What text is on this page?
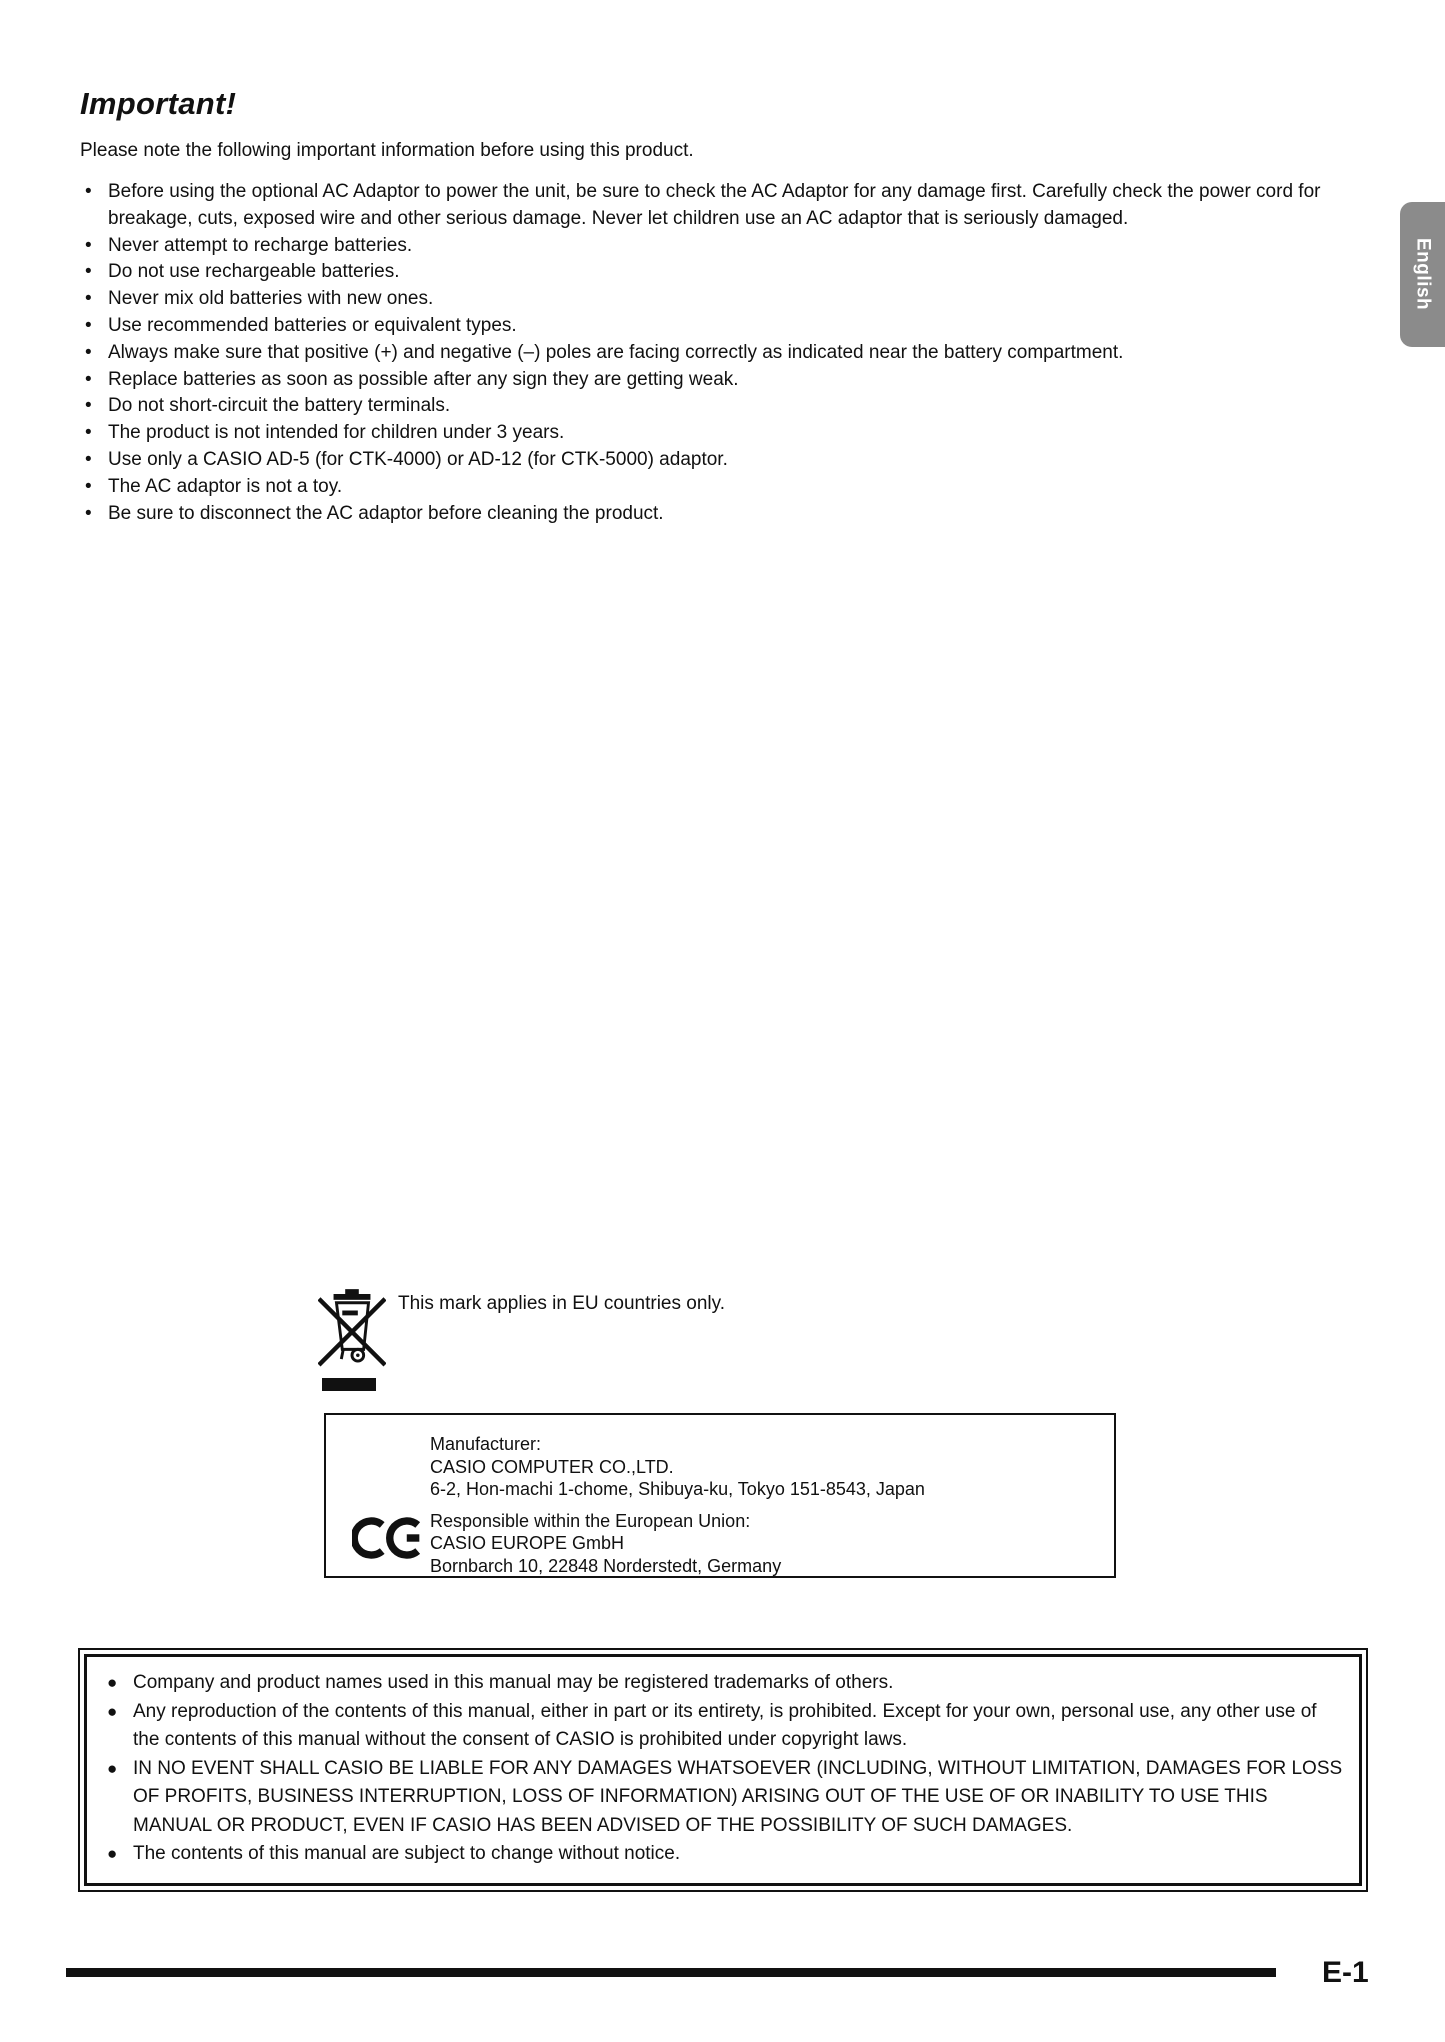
Important!
Please note the following important information before using this product.
• Before using the optional AC Adaptor to power the unit, be sure to check the AC Adaptor for any damage first. Carefully check the power cord for breakage, cuts, exposed wire and other serious damage. Never let children use an AC adaptor that is seriously damaged.
• Never attempt to recharge batteries.
• Do not use rechargeable batteries.
• Never mix old batteries with new ones.
• Use recommended batteries or equivalent types.
• Always make sure that positive (+) and negative (–) poles are facing correctly as indicated near the battery compartment.
• Replace batteries as soon as possible after any sign they are getting weak.
• Do not short-circuit the battery terminals.
• The product is not intended for children under 3 years.
• Use only a CASIO AD-5 (for CTK-4000) or AD-12 (for CTK-5000) adaptor.
• The AC adaptor is not a toy.
• Be sure to disconnect the AC adaptor before cleaning the product.
English
This mark applies in EU countries only.
Manufacturer:
CASIO COMPUTER CO.,LTD.
6-2, Hon-machi 1-chome, Shibuya-ku, Tokyo 151-8543, Japan
Responsible within the European Union:
CASIO EUROPE GmbH
Bornbarch 10, 22848 Norderstedt, Germany
● Company and product names used in this manual may be registered trademarks of others.
● Any reproduction of the contents of this manual, either in part or its entirety, is prohibited. Except for your own, personal use, any other use of the contents of this manual without the consent of CASIO is prohibited under copyright laws.
● IN NO EVENT SHALL CASIO BE LIABLE FOR ANY DAMAGES WHATSOEVER (INCLUDING, WITHOUT LIMITATION, DAMAGES FOR LOSS OF PROFITS, BUSINESS INTERRUPTION, LOSS OF INFORMATION) ARISING OUT OF THE USE OF OR INABILITY TO USE THIS MANUAL OR PRODUCT, EVEN IF CASIO HAS BEEN ADVISED OF THE POSSIBILITY OF SUCH DAMAGES.
● The contents of this manual are subject to change without notice.
E-1
